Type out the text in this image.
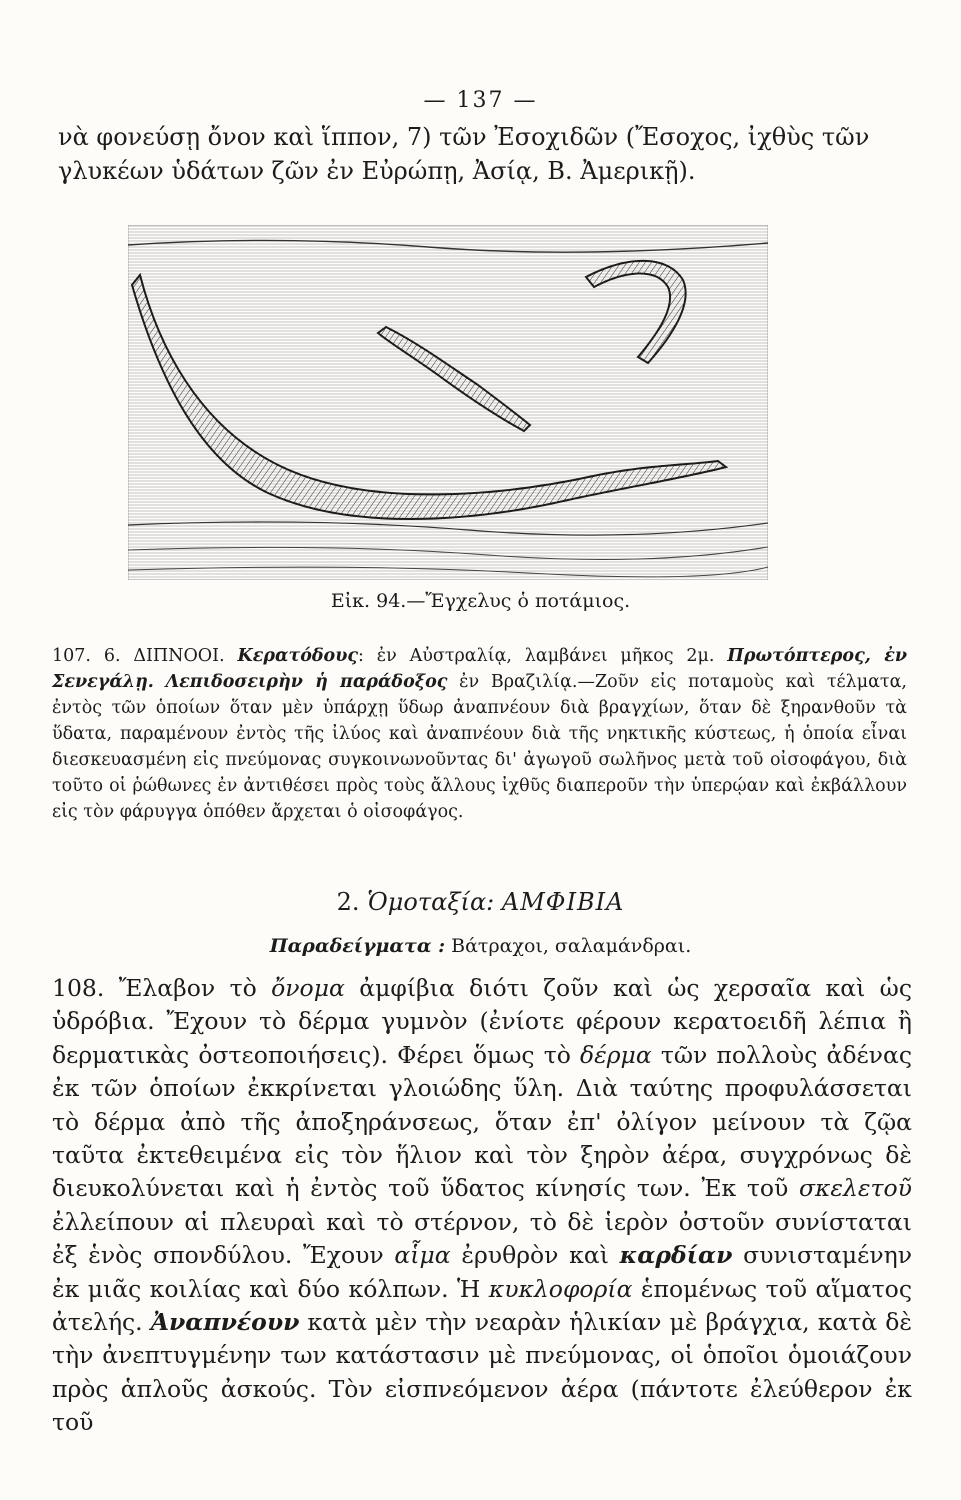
— 137 —

νὰ φονεύσῃ ὄνον καὶ ἵππον, 7) τῶν Ἐσοχιδῶν (Ἔσοχος, ἰχθὺς τῶν γλυκέων ὑδάτων ζῶν ἐν Εὐρώπῃ, Ἀσίᾳ, Β. Ἀμερικῇ).

Εἰκ. 94.—Ἔγχελυς ὁ ποτάμιος.

107. 6. ΔΙΠΝΟΟΙ. Κερατόδους: ἐν Αὐστραλίᾳ, λαμβάνει μῆκος 2μ. Πρωτόπτερος, ἐν Σενεγάλῃ. Λεπιδοσειρὴν ἡ παράδοξος ἐν Βραζιλίᾳ.—Ζοῦν εἰς ποταμοὺς καὶ τέλματα, ἐντὸς τῶν ὁποίων ὅταν μὲν ὑπάρχῃ ὕδωρ ἀναπνέουν διὰ βραγχίων, ὅταν δὲ ξηρανθοῦν τὰ ὕδατα, παραμένουν ἐντὸς τῆς ἰλύος καὶ ἀναπνέουν διὰ τῆς νηκτικῆς κύστεως, ἡ ὁποία εἶναι διεσκευασμένη εἰς πνεύμονας συγκοινωνοῦντας δι' ἀγωγοῦ σωλῆνος μετὰ τοῦ οἰσοφάγου, διὰ τοῦτο οἱ ῥώθωνες ἐν ἀντιθέσει πρὸς τοὺς ἄλλους ἰχθῦς διαπεροῦν τὴν ὑπερῴαν καὶ ἐκβάλλουν εἰς τὸν φάρυγγα ὁπόθεν ἄρχεται ὁ οἰσοφάγος.

2. Ὁμοταξία: ΑΜΦΙΒΙΑ
Παραδείγματα : Βάτραχοι, σαλαμάνδραι.

108. Ἔλαβον τὸ ὄνομα ἀμφίβια διότι ζοῦν καὶ ὡς χερσαῖα καὶ ὡς ὑδρόβια. Ἔχουν τὸ δέρμα γυμνὸν (ἐνίοτε φέρουν κερατοειδῆ λέπια ἢ δερματικὰς ὀστεοποιήσεις). Φέρει ὅμως τὸ δέρμα τῶν πολλοὺς ἀδένας ἐκ τῶν ὁποίων ἐκκρίνεται γλοιώδης ὕλη. Διὰ ταύτης προφυλάσσεται τὸ δέρμα ἀπὸ τῆς ἀποξηράνσεως, ὅταν ἐπ' ὀλίγον μείνουν τὰ ζῷα ταῦτα ἐκτεθειμένα εἰς τὸν ἥλιον καὶ τὸν ξηρὸν ἀέρα, συγχρόνως δὲ διευκολύνεται καὶ ἡ ἐντὸς τοῦ ὕδατος κίνησίς των. Ἐκ τοῦ σκελετοῦ ἐλλείπουν αἱ πλευραὶ καὶ τὸ στέρνον, τὸ δὲ ἱερὸν ὀστοῦν συνίσταται ἐξ ἑνὸς σπονδύλου. Ἔχουν αἷμα ἐρυθρὸν καὶ καρδίαν συνισταμένην ἐκ μιᾶς κοιλίας καὶ δύο κόλπων. Ἡ κυκλοφορία ἑπομένως τοῦ αἵματος ἀτελής. Ἀναπνέουν κατὰ μὲν τὴν νεαρὰν ἡλικίαν μὲ βράγχια, κατὰ δὲ τὴν ἀνεπτυγμένην των κατάστασιν μὲ πνεύμονας, οἱ ὁποῖοι ὁμοιάζουν πρὸς ἁπλοῦς ἀσκούς. Τὸν εἰσπνεόμενον ἀέρα (πάντοτε ἐλεύθερον ἐκ τοῦ
